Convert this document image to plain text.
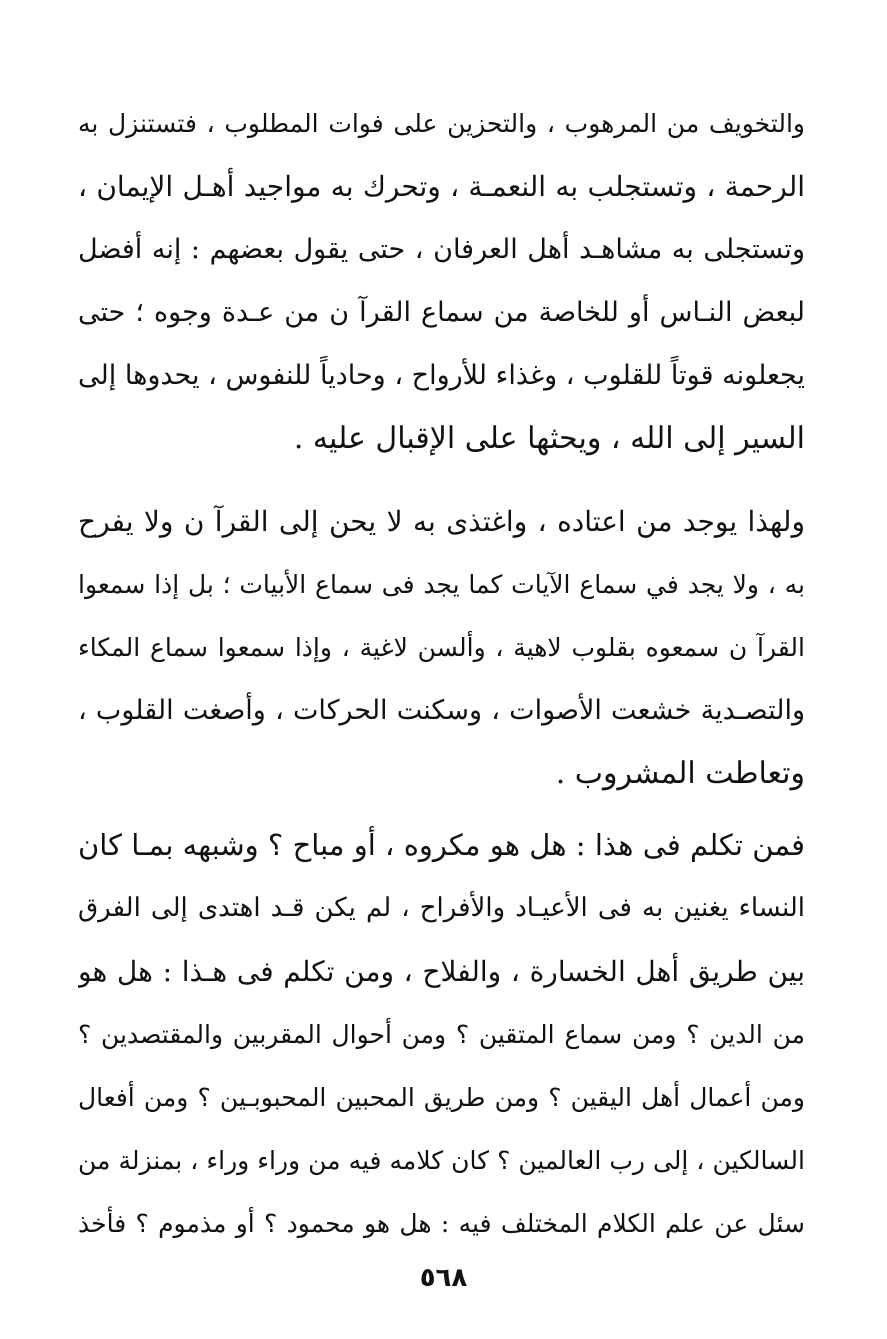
والتخويف من المرهوب ، والتحزين على فوات المطلوب ، فتستنزل به
الرحمة ، وتستجلب به النعمـة ، وتحرك به مواجيد أهـل الإيمان ،
وتستجلى به مشاهـد أهل العرفان ، حتى يقول بعضهم : إنه أفضل
لبعض النـاس أو للخاصة من سماع القرآ ن من عـدة وجوه ؛ حتى
يجعلونه قوتاً للقلوب ، وغذاء للأرواح ، وحادياً للنفوس ، يحدوها إلى
السير إلى الله ، ويحثها على الإقبال عليه .
ولهذا يوجد من اعتاده ، واغتذى به لا يحن إلى القرآ ن ولا يفرح
به ، ولا يجد في سماع الآيات كما يجد فى سماع الأبيات ؛ بل إذا سمعوا
القرآ ن سمعوه بقلوب لاهية ، وألسن لاغية ، وإذا سمعوا سماع المكاء
والتصـدية خشعت الأصوات ، وسكنت الحركات ، وأصغت القلوب ،
وتعاطت المشروب .
فمن تكلم فى هذا : هل هو مكروه ، أو مباح ؟ وشبهه بمـا كان
النساء يغنين به فى الأعيـاد والأفراح ، لم يكن قـد اهتدى إلى الفرق
بين طريق أهل الخسارة ، والفلاح ، ومن تكلم فى هـذا : هل هو
من الدين ؟ ومن سماع المتقين ؟ ومن أحوال المقربين والمقتصدين ؟
ومن أعمال أهل اليقين ؟ ومن طريق المحبين المحبوبـين ؟ ومن أفعال
السالكين ، إلى رب العالمين ؟ كان كلامه فيه من وراء وراء ، بمنزلة من
سئل عن علم الكلام المختلف فيه : هل هو محمود ؟ أو مذموم ؟ فأخذ
٥٦٨
